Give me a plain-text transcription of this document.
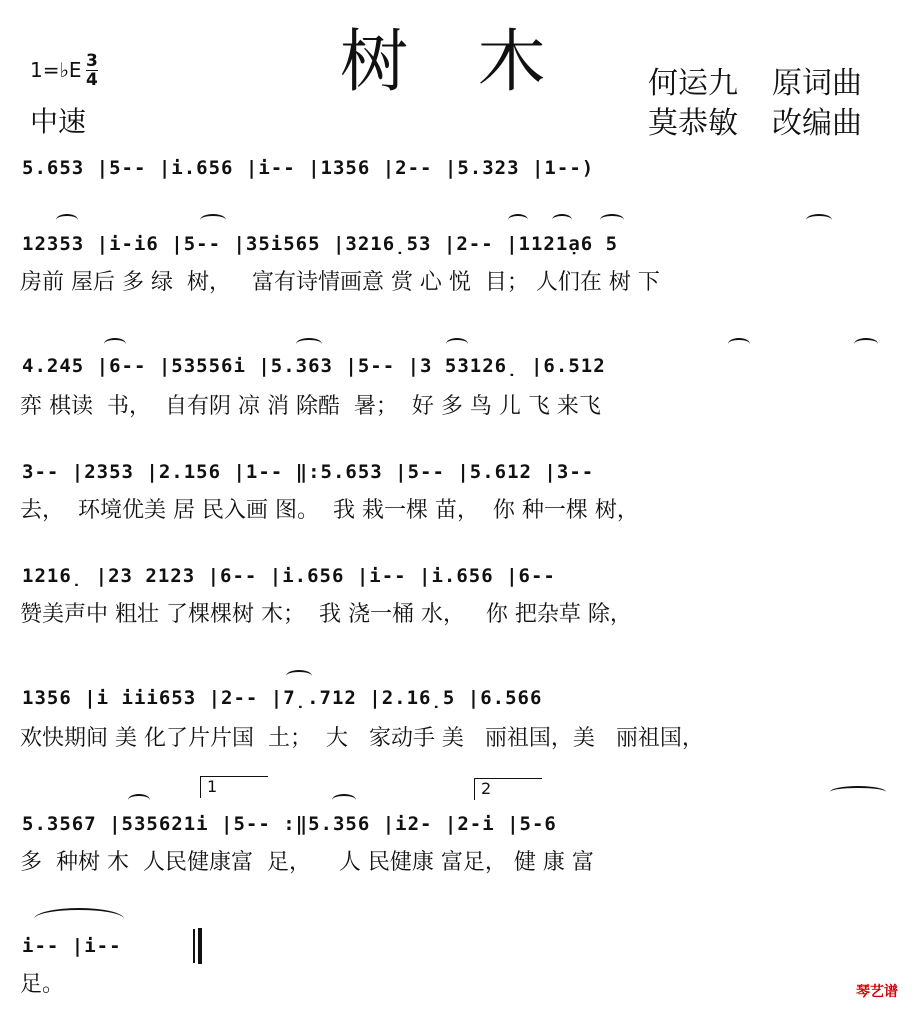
树 木
1=♭E $\frac{3}{4}$
中速
何运九 原词曲
莫恭敏 改编曲
5.653 |5-- |i.656 |i-- |1356 |2-- |5.323 |1--)
12353 |i-i6 |5-- |35i565 |3216̣53 |2-- |1121ạ6 5
房前 屋后 多 绿  树，   富有诗情画意 赏 心 悦  目； 人们在 树 下
4.245 |6-- |53556i |5.363 |5-- |3 53126̣ |6.512
弈 棋读  书，  自有阴 凉 消 除酷  暑；  好 多 鸟 儿 飞 来飞
3-- |2353 |2.156 |1-- ‖:5.653 |5-- |5.612 |3--
去，  环境优美 居 民入画 图。  我 栽一棵 苗，  你 种一棵 树，
1216̣ |23 2123 |6-- |i.656 |i-- |i.656 |6--
赞美声中 粗壮 了棵棵树 木；  我 浇一桶 水，   你 把杂草 除，
1356 |i iii653 |2-- |7̣.712 |2.16̣5 |6.566
欢快期间 美 化了片片国  土；  大   家动手 美   丽祖国，美   丽祖国，
1	2
5.3567 |535621i |5-- :‖5.356 |i2- |2-i |5-6
多  种树 木  人民健康富  足，    人 民健康 富足， 健 康 富
i-- |i--
足。	琴艺谱
